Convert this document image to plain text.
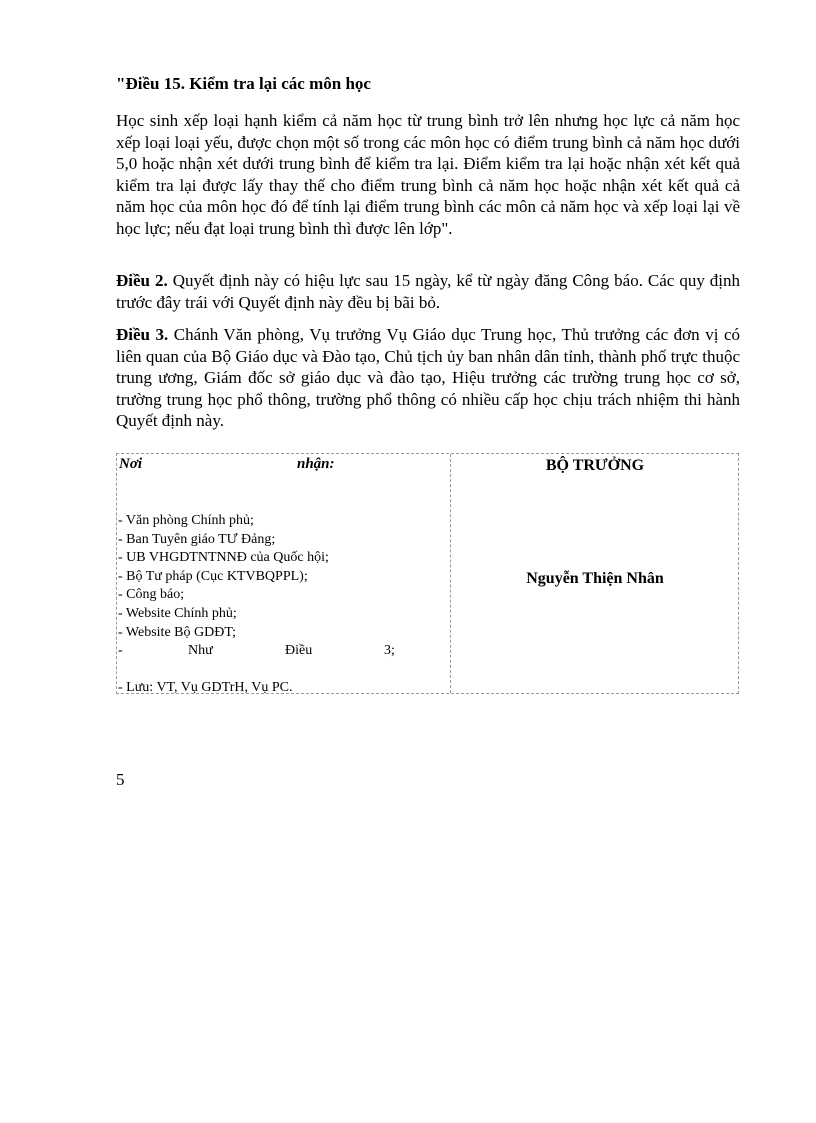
"Điều 15. Kiểm tra lại các môn học

Học sinh xếp loại hạnh kiểm cả năm học từ trung bình trở lên nhưng học lực cả năm học xếp loại loại yếu, được chọn một số trong các môn học có điểm trung bình cả năm học dưới 5,0 hoặc nhận xét dưới trung bình để kiểm tra lại. Điểm kiểm tra lại hoặc nhận xét kết quả kiểm tra lại được lấy thay thế cho điểm trung bình cả năm học hoặc nhận xét kết quả cả năm học của môn học đó để tính lại điểm trung bình các môn cả năm học và xếp loại lại về học lực; nếu đạt loại trung bình thì được lên lớp".

Điều 2. Quyết định này có hiệu lực sau 15 ngày, kể từ ngày đăng Công báo. Các quy định trước đây trái với Quyết định này đều bị bãi bỏ.

Điều 3. Chánh Văn phòng, Vụ trưởng Vụ Giáo dục Trung học, Thủ trưởng các đơn vị có liên quan của Bộ Giáo dục và Đào tạo, Chủ tịch ủy ban nhân dân tỉnh, thành phố trực thuộc trung ương, Giám đốc sở giáo dục và đào tạo, Hiệu trưởng các trường trung học cơ sở, trường trung học phổ thông, trường phổ thông có nhiều cấp học chịu trách nhiệm thi hành Quyết định này.

Nơi	nhận:
- Văn phòng Chính phủ;
- Ban Tuyên giáo TƯ Đảng;
- UB VHGDTNTNNĐ của Quốc hội;
- Bộ Tư pháp (Cục KTVBQPPL);
- Công báo;
- Website Chính phủ;
- Website Bộ GDĐT;
-	Như	Điều	3;
- Lưu: VT, Vụ GDTrH, Vụ PC.
BỘ TRƯỞNG
Nguyễn Thiện Nhân
5
